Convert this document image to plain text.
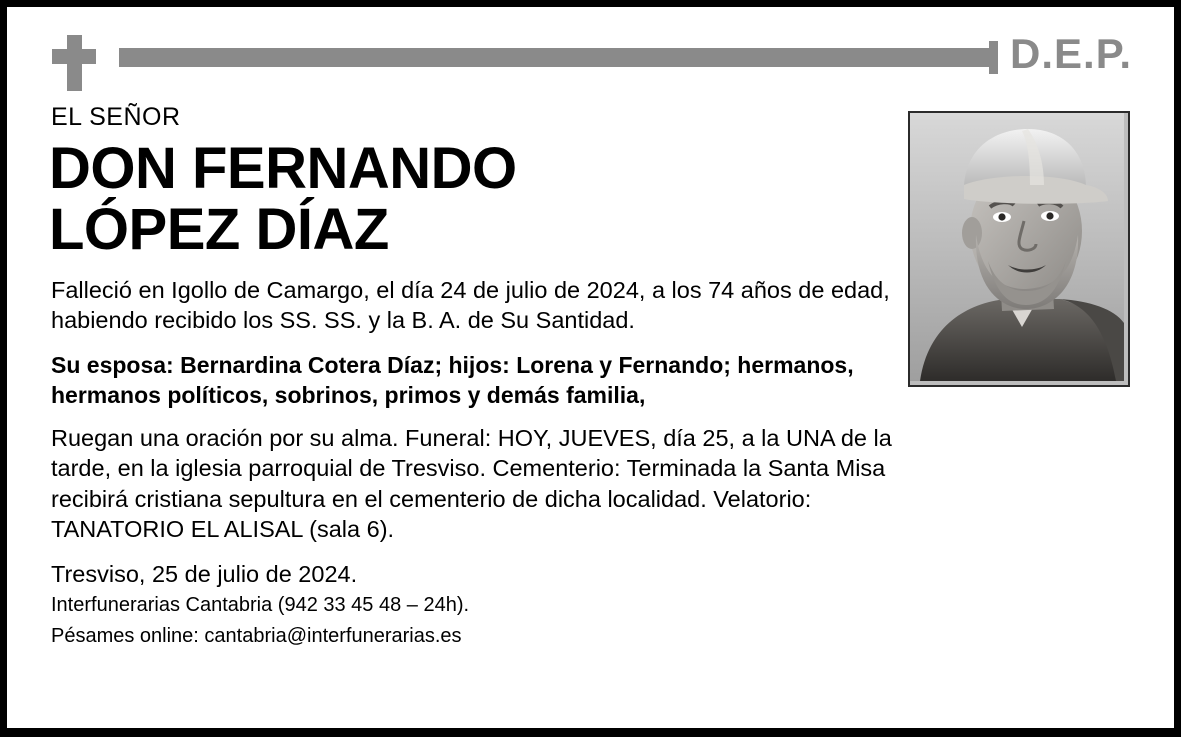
D.E.P.
EL SEÑOR
DON FERNANDO
LÓPEZ DÍAZ

Falleció en Igollo de Camargo, el día 24 de julio de 2024, a los 74 años de edad, habiendo recibido los SS. SS. y la B. A. de Su Santidad.

Su esposa: Bernardina Cotera Díaz; hijos: Lorena y Fernando; hermanos, hermanos políticos, sobrinos, primos y demás familia,

Ruegan una oración por su alma. Funeral: HOY, JUEVES, día 25, a la UNA de la tarde, en la iglesia parroquial de Tresviso. Cementerio: Terminada la Santa Misa recibirá cristiana sepultura en el cementerio de dicha localidad. Velatorio: TANATORIO EL ALISAL (sala 6).

Tresviso, 25 de julio de 2024.

Interfunerarias Cantabria (942 33 45 48 – 24h).

Pésames online: cantabria@interfunerarias.es
